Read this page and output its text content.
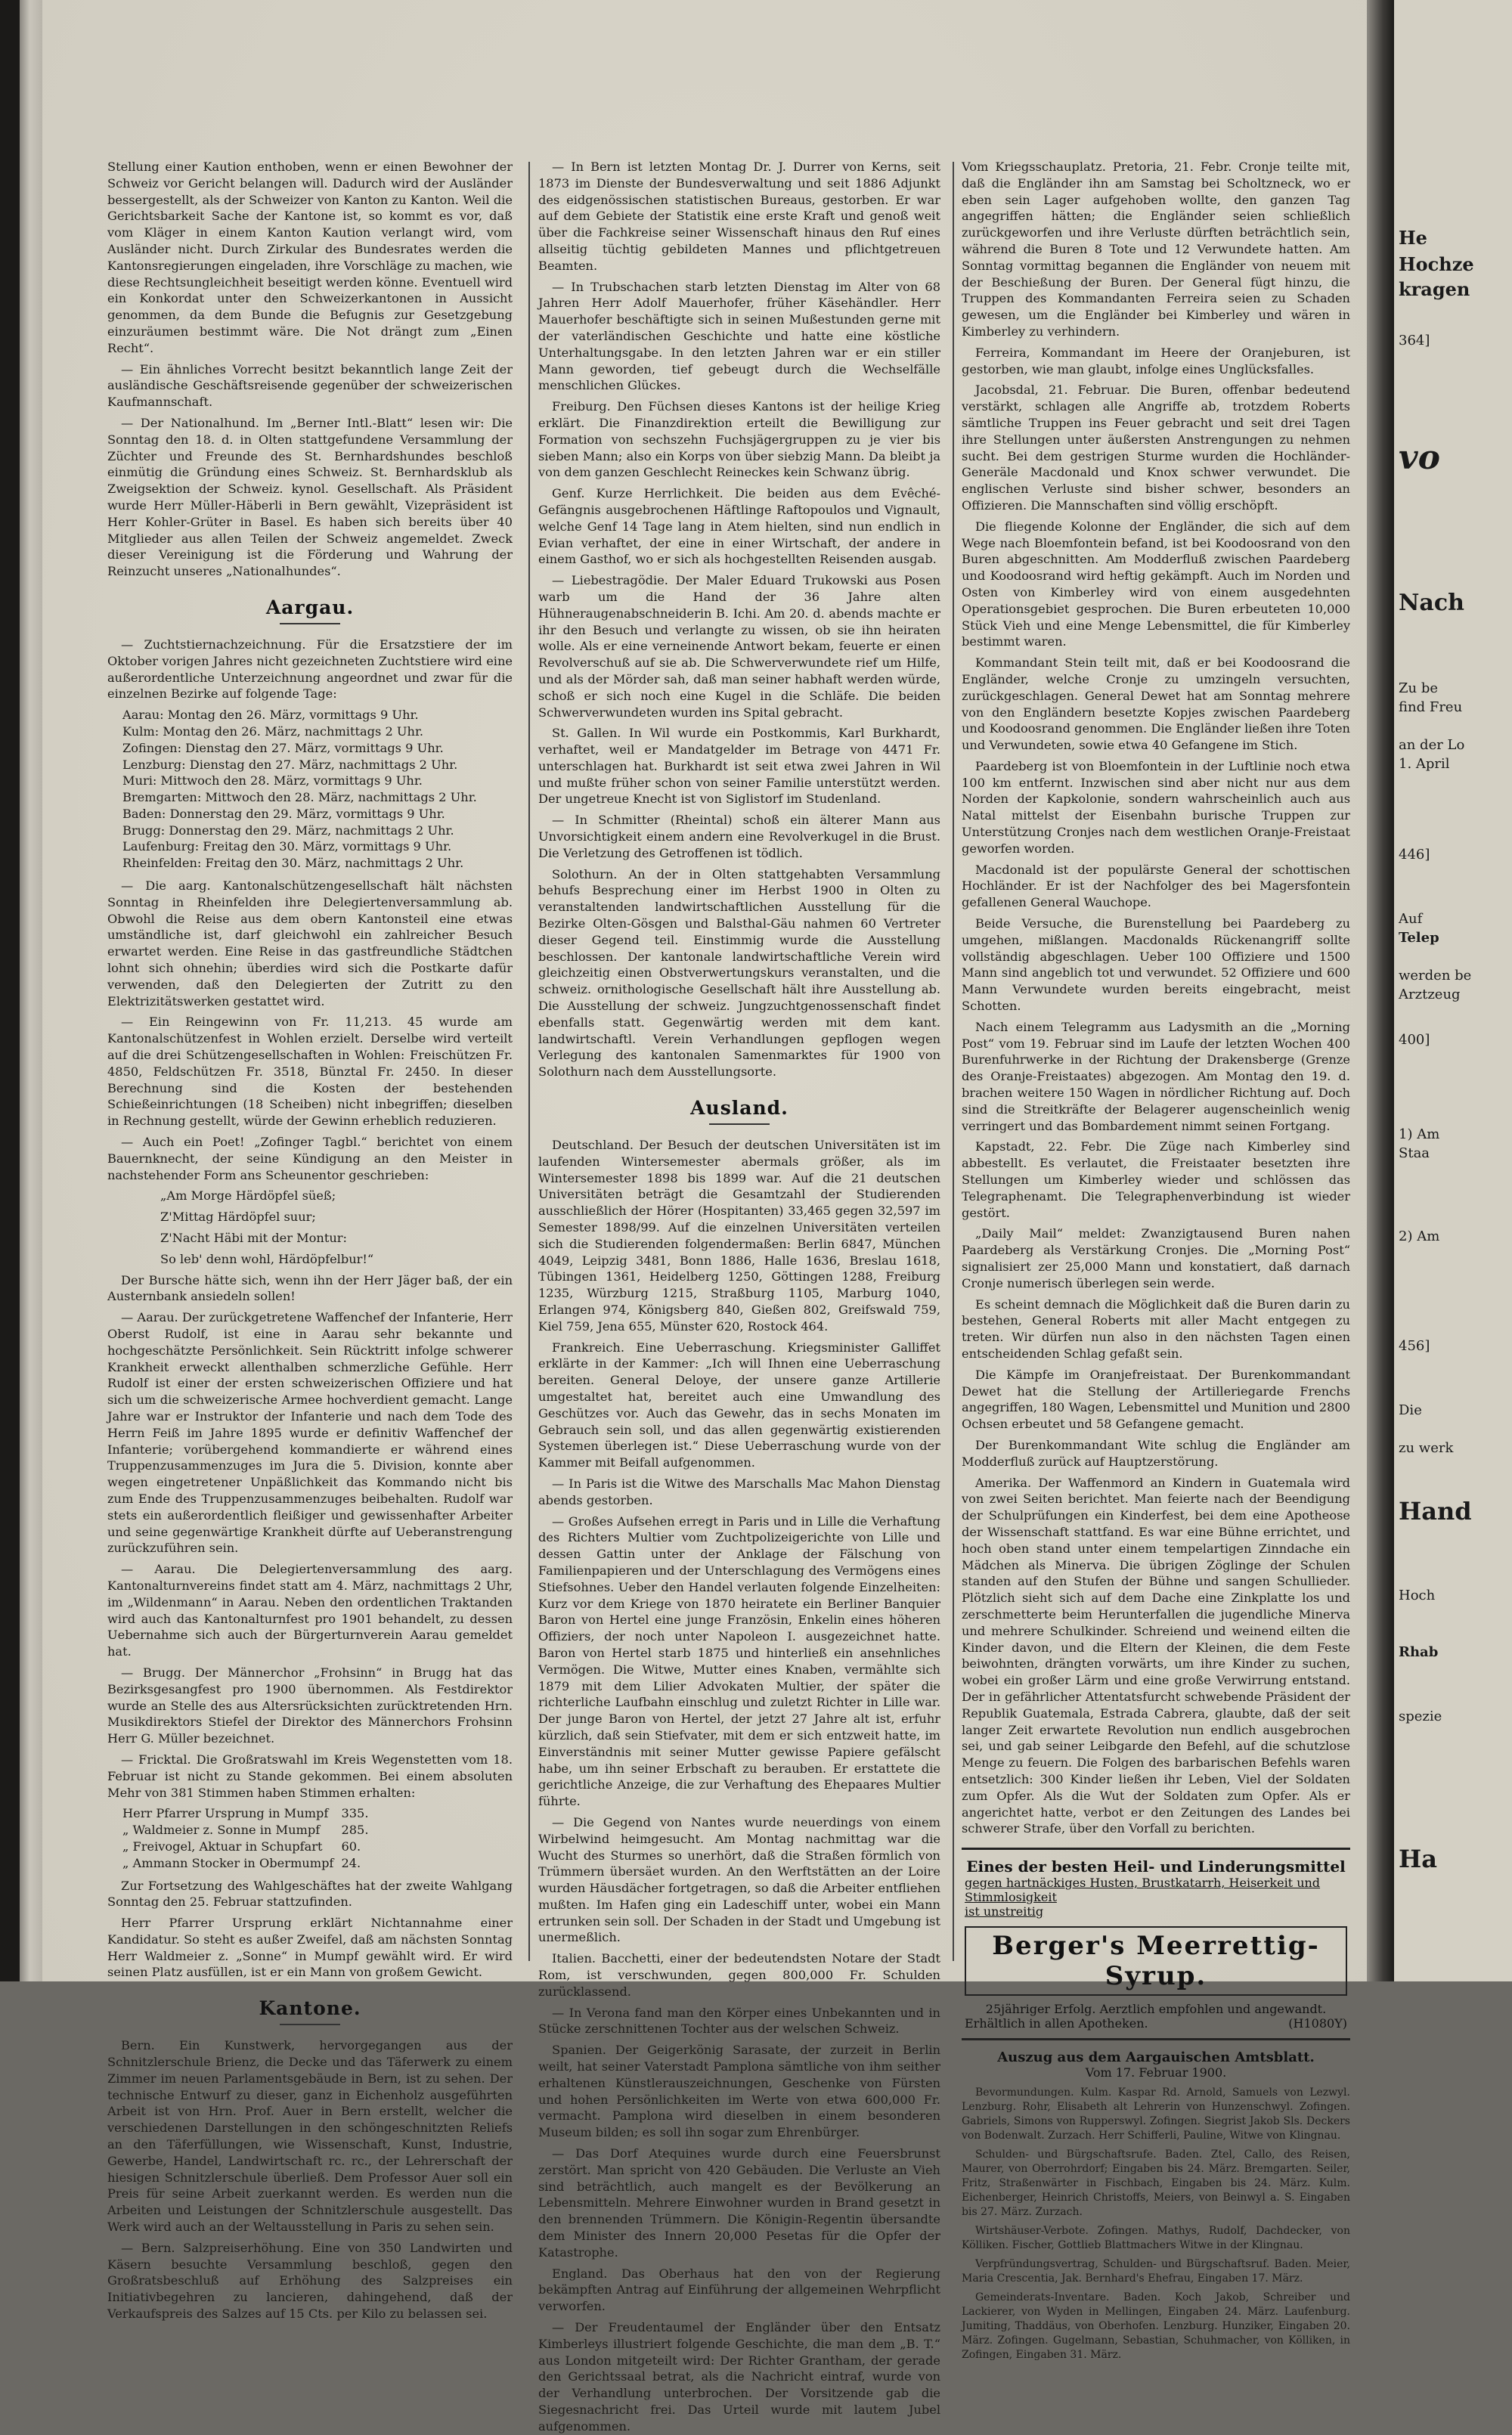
Stellung einer Kaution enthoben, wenn er einen Bewohner der Schweiz vor Gericht belangen will. Dadurch wird der Ausländer bessergestellt, als der Schweizer von Kanton zu Kanton. Weil die Gerichtsbarkeit Sache der Kantone ist, so kommt es vor, daß vom Kläger in einem Kanton Kaution verlangt wird, vom Ausländer nicht. Durch Zirkular des Bundesrates werden die Kantonsregierungen eingeladen, ihre Vorschläge zu machen, wie diese Rechtsungleichheit beseitigt werden könne. Eventuell wird ein Konkordat unter den Schweizerkantonen in Aussicht genommen, da dem Bunde die Befugnis zur Gesetzgebung einzuräumen bestimmt wäre. Die Not drängt zum „Einen Recht“.

— Ein ähnliches Vorrecht besitzt bekanntlich lange Zeit der ausländische Geschäftsreisende gegenüber der schweizerischen Kaufmannschaft.

— Der Nationalhund. Im „Berner Intl.-Blatt“ lesen wir: Die Sonntag den 18. d. in Olten stattgefundene Versammlung der Züchter und Freunde des St. Bernhardshundes beschloß einmütig die Gründung eines Schweiz. St. Bernhardsklub als Zweigsektion der Schweiz. kynol. Gesellschaft. Als Präsident wurde Herr Müller-Häberli in Bern gewählt, Vizepräsident ist Herr Kohler-Grüter in Basel. Es haben sich bereits über 40 Mitglieder aus allen Teilen der Schweiz angemeldet. Zweck dieser Vereinigung ist die Förderung und Wahrung der Reinzucht unseres „Nationalhundes“.

Aargau.

— Zuchtstiernachzeichnung. Für die Ersatzstiere der im Oktober vorigen Jahres nicht gezeichneten Zuchtstiere wird eine außerordentliche Unterzeichnung angeordnet und zwar für die einzelnen Bezirke auf folgende Tage:

Aarau: Montag den 26. März, vormittags 9 Uhr.
Kulm: Montag den 26. März, nachmittags 2 Uhr.
Zofingen: Dienstag den 27. März, vormittags 9 Uhr.
Lenzburg: Dienstag den 27. März, nachmittags 2 Uhr.
Muri: Mittwoch den 28. März, vormittags 9 Uhr.
Bremgarten: Mittwoch den 28. März, nachmittags 2 Uhr.
Baden: Donnerstag den 29. März, vormittags 9 Uhr.
Brugg: Donnerstag den 29. März, nachmittags 2 Uhr.
Laufenburg: Freitag den 30. März, vormittags 9 Uhr.
Rheinfelden: Freitag den 30. März, nachmittags 2 Uhr.

— Die aarg. Kantonalschützengesellschaft hält nächsten Sonntag in Rheinfelden ihre Delegiertenversammlung ab. Obwohl die Reise aus dem obern Kantonsteil eine etwas umständliche ist, darf gleichwohl ein zahlreicher Besuch erwartet werden. Eine Reise in das gastfreundliche Städtchen lohnt sich ohnehin; überdies wird sich die Postkarte dafür verwenden, daß den Delegierten der Zutritt zu den Elektrizitätswerken gestattet wird.

— Ein Reingewinn von Fr. 11,213. 45 wurde am Kantonalschützenfest in Wohlen erzielt. Derselbe wird verteilt auf die drei Schützengesellschaften in Wohlen: Freischützen Fr. 4850, Feldschützen Fr. 3518, Bünztal Fr. 2450. In dieser Berechnung sind die Kosten der bestehenden Schießeinrichtungen (18 Scheiben) nicht inbegriffen; dieselben in Rechnung gestellt, würde der Gewinn erheblich reduzieren.

— Auch ein Poet! „Zofinger Tagbl.“ berichtet von einem Bauernknecht, der seine Kündigung an den Meister in nachstehender Form ans Scheunentor geschrieben:

„Am Morge Härdöpfel süeß;
Z'Mittag Härdöpfel suur;
Z'Nacht Häbi mit der Montur:
So leb' denn wohl, Härdöpfelbur!“

Der Bursche hätte sich, wenn ihn der Herr Jäger baß, der ein Austernbank ansiedeln sollen!

— Aarau. Der zurückgetretene Waffenchef der Infanterie, Herr Oberst Rudolf, ist eine in Aarau sehr bekannte und hochgeschätzte Persönlichkeit. Sein Rücktritt infolge schwerer Krankheit erweckt allenthalben schmerzliche Gefühle. Herr Rudolf ist einer der ersten schweizerischen Offiziere und hat sich um die schweizerische Armee hochverdient gemacht. Lange Jahre war er Instruktor der Infanterie und nach dem Tode des Herrn Feiß im Jahre 1895 wurde er definitiv Waffenchef der Infanterie; vorübergehend kommandierte er während eines Truppenzusammenzuges im Jura die 5. Division, konnte aber wegen eingetretener Unpäßlichkeit das Kommando nicht bis zum Ende des Truppenzusammenzuges beibehalten. Rudolf war stets ein außerordentlich fleißiger und gewissenhafter Arbeiter und seine gegenwärtige Krankheit dürfte auf Ueberanstrengung zurückzuführen sein.

— Aarau. Die Delegiertenversammlung des aarg. Kantonalturnvereins findet statt am 4. März, nachmittags 2 Uhr, im „Wildenmann“ in Aarau. Neben den ordentlichen Traktanden wird auch das Kantonalturnfest pro 1901 behandelt, zu dessen Uebernahme sich auch der Bürgerturnverein Aarau gemeldet hat.

— Brugg. Der Männerchor „Frohsinn“ in Brugg hat das Bezirksgesangfest pro 1900 übernommen. Als Festdirektor wurde an Stelle des aus Altersrücksichten zurücktretenden Hrn. Musikdirektors Stiefel der Direktor des Männerchors Frohsinn Herr G. Müller bezeichnet.

— Fricktal. Die Großratswahl im Kreis Wegenstetten vom 18. Februar ist nicht zu Stande gekommen. Bei einem absoluten Mehr von 381 Stimmen haben Stimmen erhalten:

Herr Pfarrer Ursprung in Mumpf	335.
„ Waldmeier z. Sonne in Mumpf	285.
„ Freivogel, Aktuar in Schupfart	60.
„ Ammann Stocker in Obermumpf	24.

Zur Fortsetzung des Wahlgeschäftes hat der zweite Wahlgang Sonntag den 25. Februar stattzufinden.

Herr Pfarrer Ursprung erklärt Nichtannahme einer Kandidatur. So steht es außer Zweifel, daß am nächsten Sonntag Herr Waldmeier z. „Sonne“ in Mumpf gewählt wird. Er wird seinen Platz ausfüllen, ist er ein Mann von großem Gewicht.

Kantone.

Bern. Ein Kunstwerk, hervorgegangen aus der Schnitzlerschule Brienz, die Decke und das Täferwerk zu einem Zimmer im neuen Parlamentsgebäude in Bern, ist zu sehen. Der technische Entwurf zu dieser, ganz in Eichenholz ausgeführten Arbeit ist von Hrn. Prof. Auer in Bern erstellt, welcher die verschiedenen Darstellungen in den schöngeschnitzten Reliefs an den Täferfüllungen, wie Wissenschaft, Kunst, Industrie, Gewerbe, Handel, Landwirtschaft rc. rc., der Lehrerschaft der hiesigen Schnitzlerschule überließ. Dem Professor Auer soll ein Preis für seine Arbeit zuerkannt werden. Es werden nun die Arbeiten und Leistungen der Schnitzlerschule ausgestellt. Das Werk wird auch an der Weltausstellung in Paris zu sehen sein.

— Bern. Salzpreiserhöhung. Eine von 350 Landwirten und Käsern besuchte Versammlung beschloß, gegen den Großratsbeschluß auf Erhöhung des Salzpreises ein Initiativbegehren zu lancieren, dahingehend, daß der Verkaufspreis des Salzes auf 15 Cts. per Kilo zu belassen sei.

— In Bern ist letzten Montag Dr. J. Durrer von Kerns, seit 1873 im Dienste der Bundesverwaltung und seit 1886 Adjunkt des eidgenössischen statistischen Bureaus, gestorben. Er war auf dem Gebiete der Statistik eine erste Kraft und genoß weit über die Fachkreise seiner Wissenschaft hinaus den Ruf eines allseitig tüchtig gebildeten Mannes und pflichtgetreuen Beamten.

— In Trubschachen starb letzten Dienstag im Alter von 68 Jahren Herr Adolf Mauerhofer, früher Käsehändler. Herr Mauerhofer beschäftigte sich in seinen Mußestunden gerne mit der vaterländischen Geschichte und hatte eine köstliche Unterhaltungsgabe. In den letzten Jahren war er ein stiller Mann geworden, tief gebeugt durch die Wechselfälle menschlichen Glückes.

Freiburg. Den Füchsen dieses Kantons ist der heilige Krieg erklärt. Die Finanzdirektion erteilt die Bewilligung zur Formation von sechszehn Fuchsjägergruppen zu je vier bis sieben Mann; also ein Korps von über siebzig Mann. Da bleibt ja von dem ganzen Geschlecht Reineckes kein Schwanz übrig.

Genf. Kurze Herrlichkeit. Die beiden aus dem Evêché-Gefängnis ausgebrochenen Häftlinge Raftopoulos und Vignault, welche Genf 14 Tage lang in Atem hielten, sind nun endlich in Evian verhaftet, der eine in einer Wirtschaft, der andere in einem Gasthof, wo er sich als hochgestellten Reisenden ausgab.

— Liebestragödie. Der Maler Eduard Trukowski aus Posen warb um die Hand der 36 Jahre alten Hühneraugenabschneiderin B. Ichi. Am 20. d. abends machte er ihr den Besuch und verlangte zu wissen, ob sie ihn heiraten wolle. Als er eine verneinende Antwort bekam, feuerte er einen Revolverschuß auf sie ab. Die Schwerverwundete rief um Hilfe, und als der Mörder sah, daß man seiner habhaft werden würde, schoß er sich noch eine Kugel in die Schläfe. Die beiden Schwerverwundeten wurden ins Spital gebracht.

St. Gallen. In Wil wurde ein Postkommis, Karl Burkhardt, verhaftet, weil er Mandatgelder im Betrage von 4471 Fr. unterschlagen hat. Burkhardt ist seit etwa zwei Jahren in Wil und mußte früher schon von seiner Familie unterstützt werden. Der ungetreue Knecht ist von Siglistorf im Studenland.

— In Schmitter (Rheintal) schoß ein älterer Mann aus Unvorsichtigkeit einem andern eine Revolverkugel in die Brust. Die Verletzung des Getroffenen ist tödlich.

Solothurn. An der in Olten stattgehabten Versammlung behufs Besprechung einer im Herbst 1900 in Olten zu veranstaltenden landwirtschaftlichen Ausstellung für die Bezirke Olten-Gösgen und Balsthal-Gäu nahmen 60 Vertreter dieser Gegend teil. Einstimmig wurde die Ausstellung beschlossen. Der kantonale landwirtschaftliche Verein wird gleichzeitig einen Obstverwertungskurs veranstalten, und die schweiz. ornithologische Gesellschaft hält ihre Ausstellung ab. Die Ausstellung der schweiz. Jungzuchtgenossenschaft findet ebenfalls statt. Gegenwärtig werden mit dem kant. landwirtschaftl. Verein Verhandlungen gepflogen wegen Verlegung des kantonalen Samenmarktes für 1900 von Solothurn nach dem Ausstellungsorte.

Ausland.

Deutschland. Der Besuch der deutschen Universitäten ist im laufenden Wintersemester abermals größer, als im Wintersemester 1898 bis 1899 war. Auf die 21 deutschen Universitäten beträgt die Gesamtzahl der Studierenden ausschließlich der Hörer (Hospitanten) 33,465 gegen 32,597 im Semester 1898/99. Auf die einzelnen Universitäten verteilen sich die Studierenden folgendermaßen: Berlin 6847, München 4049, Leipzig 3481, Bonn 1886, Halle 1636, Breslau 1618, Tübingen 1361, Heidelberg 1250, Göttingen 1288, Freiburg 1235, Würzburg 1215, Straßburg 1105, Marburg 1040, Erlangen 974, Königsberg 840, Gießen 802, Greifswald 759, Kiel 759, Jena 655, Münster 620, Rostock 464.

Frankreich. Eine Ueberraschung. Kriegsminister Galliffet erklärte in der Kammer: „Ich will Ihnen eine Ueberraschung bereiten. General Deloye, der unsere ganze Artillerie umgestaltet hat, bereitet auch eine Umwandlung des Geschützes vor. Auch das Gewehr, das in sechs Monaten im Gebrauch sein soll, und das allen gegenwärtig existierenden Systemen überlegen ist.“ Diese Ueberraschung wurde von der Kammer mit Beifall aufgenommen.

— In Paris ist die Witwe des Marschalls Mac Mahon Dienstag abends gestorben.

— Großes Aufsehen erregt in Paris und in Lille die Verhaftung des Richters Multier vom Zuchtpolizeigerichte von Lille und dessen Gattin unter der Anklage der Fälschung von Familienpapieren und der Unterschlagung des Vermögens eines Stiefsohnes. Ueber den Handel verlauten folgende Einzelheiten: Kurz vor dem Kriege von 1870 heiratete ein Berliner Banquier Baron von Hertel eine junge Französin, Enkelin eines höheren Offiziers, der noch unter Napoleon I. ausgezeichnet hatte. Baron von Hertel starb 1875 und hinterließ ein ansehnliches Vermögen. Die Witwe, Mutter eines Knaben, vermählte sich 1879 mit dem Lilier Advokaten Multier, der später die richterliche Laufbahn einschlug und zuletzt Richter in Lille war. Der junge Baron von Hertel, der jetzt 27 Jahre alt ist, erfuhr kürzlich, daß sein Stiefvater, mit dem er sich entzweit hatte, im Einverständnis mit seiner Mutter gewisse Papiere gefälscht habe, um ihn seiner Erbschaft zu berauben. Er erstattete die gerichtliche Anzeige, die zur Verhaftung des Ehepaares Multier führte.

— Die Gegend von Nantes wurde neuerdings von einem Wirbelwind heimgesucht. Am Montag nachmittag war die Wucht des Sturmes so unerhört, daß die Straßen förmlich von Trümmern übersäet wurden. An den Werftstätten an der Loire wurden Häusdächer fortgetragen, so daß die Arbeiter entfliehen mußten. Im Hafen ging ein Ladeschiff unter, wobei ein Mann ertrunken sein soll. Der Schaden in der Stadt und Umgebung ist unermeßlich.

Italien. Bacchetti, einer der bedeutendsten Notare der Stadt Rom, ist verschwunden, gegen 800,000 Fr. Schulden zurücklassend.

— In Verona fand man den Körper eines Unbekannten und in Stücke zerschnittenen Tochter aus der welschen Schweiz.

Spanien. Der Geigerkönig Sarasate, der zurzeit in Berlin weilt, hat seiner Vaterstadt Pamplona sämtliche von ihm seither erhaltenen Künstlerauszeichnungen, Geschenke von Fürsten und hohen Persönlichkeiten im Werte von etwa 600,000 Fr. vermacht. Pamplona wird dieselben in einem besonderen Museum bilden; es soll ihn sogar zum Ehrenbürger.

— Das Dorf Atequines wurde durch eine Feuersbrunst zerstört. Man spricht von 420 Gebäuden. Die Verluste an Vieh sind beträchtlich, auch mangelt es der Bevölkerung an Lebensmitteln. Mehrere Einwohner wurden in Brand gesetzt in den brennenden Trümmern. Die Königin-Regentin übersandte dem Minister des Innern 20,000 Pesetas für die Opfer der Katastrophe.

England. Das Oberhaus hat den von der Regierung bekämpften Antrag auf Einführung der allgemeinen Wehrpflicht verworfen.

— Der Freudentaumel der Engländer über den Entsatz Kimberleys illustriert folgende Geschichte, die man dem „B. T.“ aus London mitgeteilt wird: Der Richter Grantham, der gerade den Gerichtssaal betrat, als die Nachricht eintraf, wurde von der Verhandlung unterbrochen. Der Vorsitzende gab die Siegesnachricht frei. Das Urteil wurde mit lautem Jubel aufgenommen.

Vom Kriegsschauplatz. Pretoria, 21. Febr. Cronje teilte mit, daß die Engländer ihn am Samstag bei Scholtzneck, wo er eben sein Lager aufgehoben wollte, den ganzen Tag angegriffen hätten; die Engländer seien schließlich zurückgeworfen und ihre Verluste dürften beträchtlich sein, während die Buren 8 Tote und 12 Verwundete hatten. Am Sonntag vormittag begannen die Engländer von neuem mit der Beschießung der Buren. Der General fügt hinzu, die Truppen des Kommandanten Ferreira seien zu Schaden gewesen, um die Engländer bei Kimberley und wären in Kimberley zu verhindern.

Ferreira, Kommandant im Heere der Oranjeburen, ist gestorben, wie man glaubt, infolge eines Unglücksfalles.

Jacobsdal, 21. Februar. Die Buren, offenbar bedeutend verstärkt, schlagen alle Angriffe ab, trotzdem Roberts sämtliche Truppen ins Feuer gebracht und seit drei Tagen ihre Stellungen unter äußersten Anstrengungen zu nehmen sucht. Bei dem gestrigen Sturme wurden die Hochländer-Generäle Macdonald und Knox schwer verwundet. Die englischen Verluste sind bisher schwer, besonders an Offizieren. Die Mannschaften sind völlig erschöpft.

Die fliegende Kolonne der Engländer, die sich auf dem Wege nach Bloemfontein befand, ist bei Koodoosrand von den Buren abgeschnitten. Am Modderfluß zwischen Paardeberg und Koodoosrand wird heftig gekämpft. Auch im Norden und Osten von Kimberley wird von einem ausgedehnten Operationsgebiet gesprochen. Die Buren erbeuteten 10,000 Stück Vieh und eine Menge Lebensmittel, die für Kimberley bestimmt waren.

Kommandant Stein teilt mit, daß er bei Koodoosrand die Engländer, welche Cronje zu umzingeln versuchten, zurückgeschlagen. General Dewet hat am Sonntag mehrere von den Engländern besetzte Kopjes zwischen Paardeberg und Koodoosrand genommen. Die Engländer ließen ihre Toten und Verwundeten, sowie etwa 40 Gefangene im Stich.

Paardeberg ist von Bloemfontein in der Luftlinie noch etwa 100 km entfernt. Inzwischen sind aber nicht nur aus dem Norden der Kapkolonie, sondern wahrscheinlich auch aus Natal mittelst der Eisenbahn burische Truppen zur Unterstützung Cronjes nach dem westlichen Oranje-Freistaat geworfen worden.

Macdonald ist der populärste General der schottischen Hochländer. Er ist der Nachfolger des bei Magersfontein gefallenen General Wauchope.

Beide Versuche, die Burenstellung bei Paardeberg zu umgehen, mißlangen. Macdonalds Rückenangriff sollte vollständig abgeschlagen. Ueber 100 Offiziere und 1500 Mann sind angeblich tot und verwundet. 52 Offiziere und 600 Mann Verwundete wurden bereits eingebracht, meist Schotten.

Nach einem Telegramm aus Ladysmith an die „Morning Post“ vom 19. Februar sind im Laufe der letzten Wochen 400 Burenfuhrwerke in der Richtung der Drakensberge (Grenze des Oranje-Freistaates) abgezogen. Am Montag den 19. d. brachen weitere 150 Wagen in nördlicher Richtung auf. Doch sind die Streitkräfte der Belagerer augenscheinlich wenig verringert und das Bombardement nimmt seinen Fortgang.

Kapstadt, 22. Febr. Die Züge nach Kimberley sind abbestellt. Es verlautet, die Freistaater besetzten ihre Stellungen um Kimberley wieder und schlössen das Telegraphenamt. Die Telegraphenverbindung ist wieder gestört.

„Daily Mail“ meldet: Zwanzigtausend Buren nahen Paardeberg als Verstärkung Cronjes. Die „Morning Post“ signalisiert zer 25,000 Mann und konstatiert, daß darnach Cronje numerisch überlegen sein werde.

Es scheint demnach die Möglichkeit daß die Buren darin zu bestehen, General Roberts mit aller Macht entgegen zu treten. Wir dürfen nun also in den nächsten Tagen einen entscheidenden Schlag gefaßt sein.

Die Kämpfe im Oranjefreistaat. Der Burenkommandant Dewet hat die Stellung der Artilleriegarde Frenchs angegriffen, 180 Wagen, Lebensmittel und Munition und 2800 Ochsen erbeutet und 58 Gefangene gemacht.

Der Burenkommandant Wite schlug die Engländer am Modderfluß zurück auf Hauptzerstörung.

Amerika. Der Waffenmord an Kindern in Guatemala wird von zwei Seiten berichtet. Man feierte nach der Beendigung der Schulprüfungen ein Kinderfest, bei dem eine Apotheose der Wissenschaft stattfand. Es war eine Bühne errichtet, und hoch oben stand unter einem tempelartigen Zinndache ein Mädchen als Minerva. Die übrigen Zöglinge der Schulen standen auf den Stufen der Bühne und sangen Schullieder. Plötzlich sieht sich auf dem Dache eine Zinkplatte los und zerschmetterte beim Herunterfallen die jugendliche Minerva und mehrere Schulkinder. Schreiend und weinend eilten die Kinder davon, und die Eltern der Kleinen, die dem Feste beiwohnten, drängten vorwärts, um ihre Kinder zu suchen, wobei ein großer Lärm und eine große Verwirrung entstand. Der in gefährlicher Attentatsfurcht schwebende Präsident der Republik Guatemala, Estrada Cabrera, glaubte, daß der seit langer Zeit erwartete Revolution nun endlich ausgebrochen sei, und gab seiner Leibgarde den Befehl, auf die schutzlose Menge zu feuern. Die Folgen des barbarischen Befehls waren entsetzlich: 300 Kinder ließen ihr Leben, Viel der Soldaten zum Opfer. Als die Wut der Soldaten zum Opfer. Als er angerichtet hatte, verbot er den Zeitungen des Landes bei schwerer Strafe, über den Vorfall zu berichten.

Eines der besten Heil- und Linderungsmittel
gegen hartnäckiges Husten, Brustkatarrh, Heiserkeit und Stimmlosigkeit
ist unstreitig
Berger's Meerrettig-Syrup.
25jähriger Erfolg. Aerztlich empfohlen und angewandt.
Erhältlich in allen Apotheken.	(H1080Y)
Auszug aus dem Aargauischen Amtsblatt.
Vom 17. Februar 1900.

Bevormundungen. Kulm. Kaspar Rd. Arnold, Samuels von Lezwyl. Lenzburg. Rohr, Elisabeth alt Lehrerin von Hunzenschwyl. Zofingen. Gabriels, Simons von Rupperswyl. Zofingen. Siegrist Jakob Sls. Deckers von Bodenwalt. Zurzach. Herr Schifferli, Pauline, Witwe von Klingnau.

Schulden- und Bürgschaftsrufe. Baden. Ztel, Callo, des Reisen, Maurer, von Oberrohrdorf; Eingaben bis 24. März. Bremgarten. Seiler, Fritz, Straßenwärter in Fischbach, Eingaben bis 24. März. Kulm. Eichenberger, Heinrich Christoffs, Meiers, von Beinwyl a. S. Eingaben bis 27. März. Zurzach.

Wirtshäuser-Verbote. Zofingen. Mathys, Rudolf, Dachdecker, von Kölliken. Fischer, Gottlieb Blattmachers Witwe in der Klingnau.

Verpfründungsvertrag, Schulden- und Bürgschaftsruf. Baden. Meier, Maria Crescentia, Jak. Bernhard's Ehefrau, Eingaben 17. März.

Gemeinderats-Inventare. Baden. Koch Jakob, Schreiber und Lackierer, von Wyden in Mellingen, Eingaben 24. März. Laufenburg. Jumiting, Thaddäus, von Oberhofen. Lenzburg. Hunziker, Eingaben 20. März. Zofingen. Gugelmann, Sebastian, Schuhmacher, von Kölliken, in Zofingen, Eingaben 31. März.

He
Hochze
kragen
364]
vo
Nach
Zu be
find Freu
an der Lo
1. April
446]
Auf
Telep
werden be
Arztzeug
400]
1) Am
Staa
2) Am
456]
Die
zu werk
Hand
Hoch
Rhab
spezie
Ha
